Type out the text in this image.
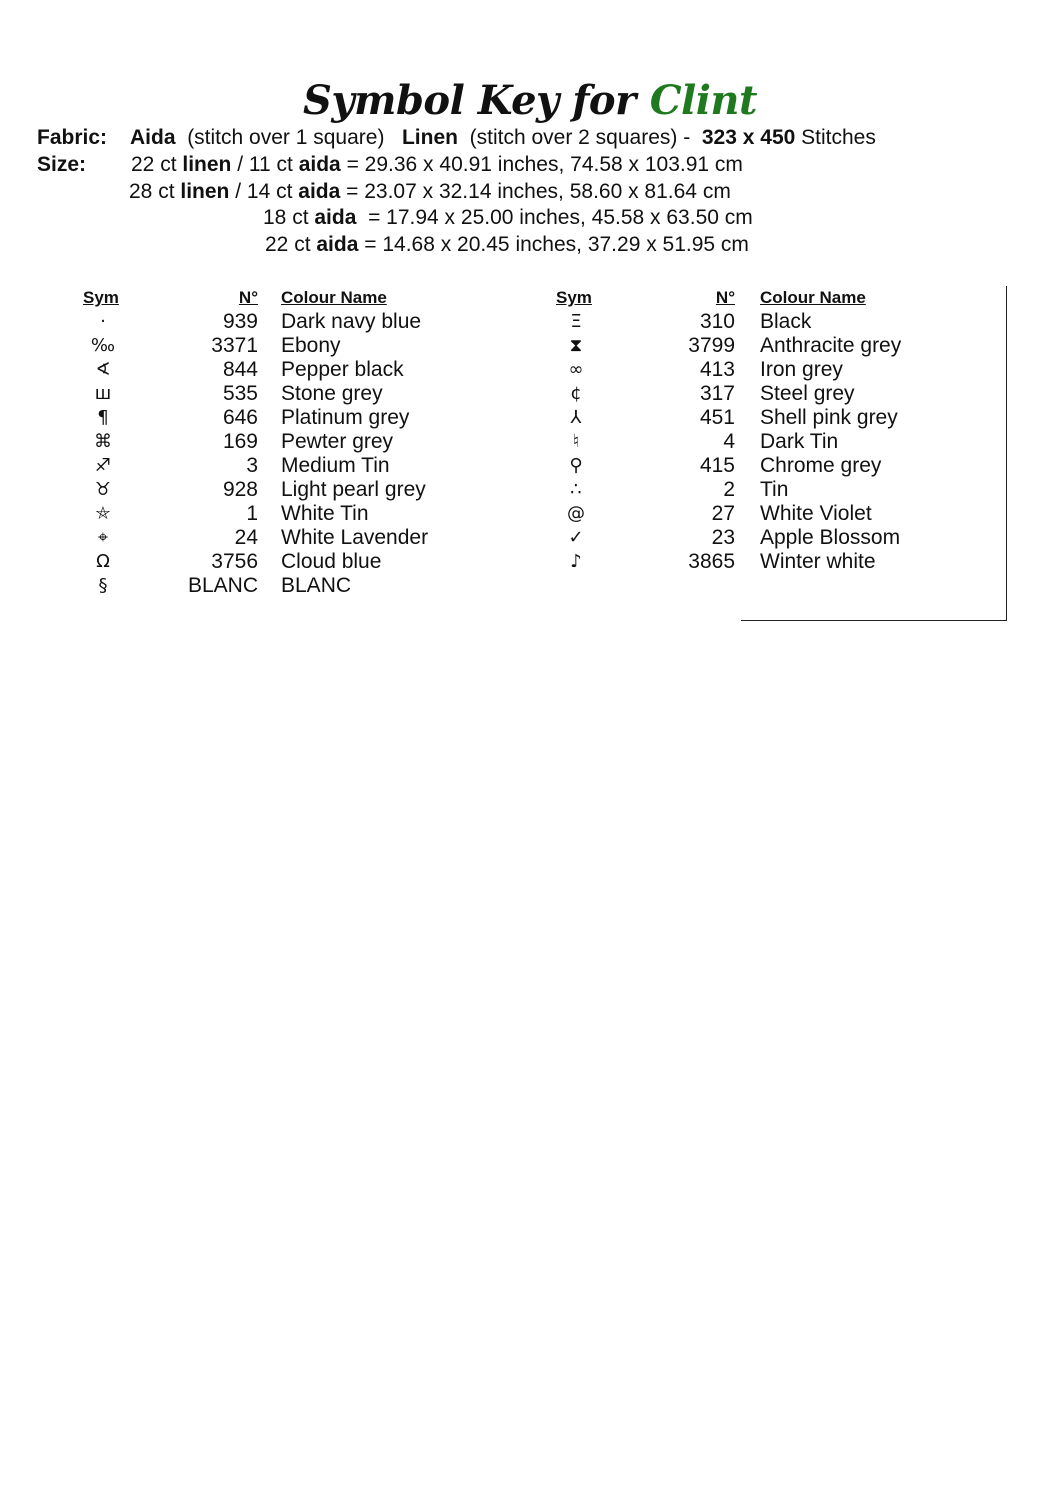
Symbol Key for Clint
Fabric: Aida (stitch over 1 square) Linen (stitch over 2 squares) - 323 x 450 Stitches
Size: 22 ct linen / 11 ct aida = 29.36 x 40.91 inches, 74.58 x 103.91 cm
28 ct linen / 14 ct aida = 23.07 x 32.14 inches, 58.60 x 81.64 cm
18 ct aida  = 17.94 x 25.00 inches, 45.58 x 63.50 cm
22 ct aida = 14.68 x 20.45 inches, 37.29 x 51.95 cm
Sym	N° Colour Name	Sym	N° Colour Name
·	939 Dark navy blue
‰	3371 Ebony
∢	844 Pepper black
ш	535 Stone grey
¶	646 Platinum grey
⌘	169 Pewter grey
♐	3 Medium Tin
♉	928 Light pearl grey
⛤	1 White Tin
⌖	24 White Lavender
Ω	3756 Cloud blue
§	BLANC BLANC
Ξ	310 Black
⧗	3799 Anthracite grey
∞	413 Iron grey
¢	317 Steel grey
⅄	451 Shell pink grey
♮	4 Dark Tin
⚲	415 Chrome grey
∴	2 Tin
@	27 White Violet
✓	23 Apple Blossom
♪	3865 Winter white
